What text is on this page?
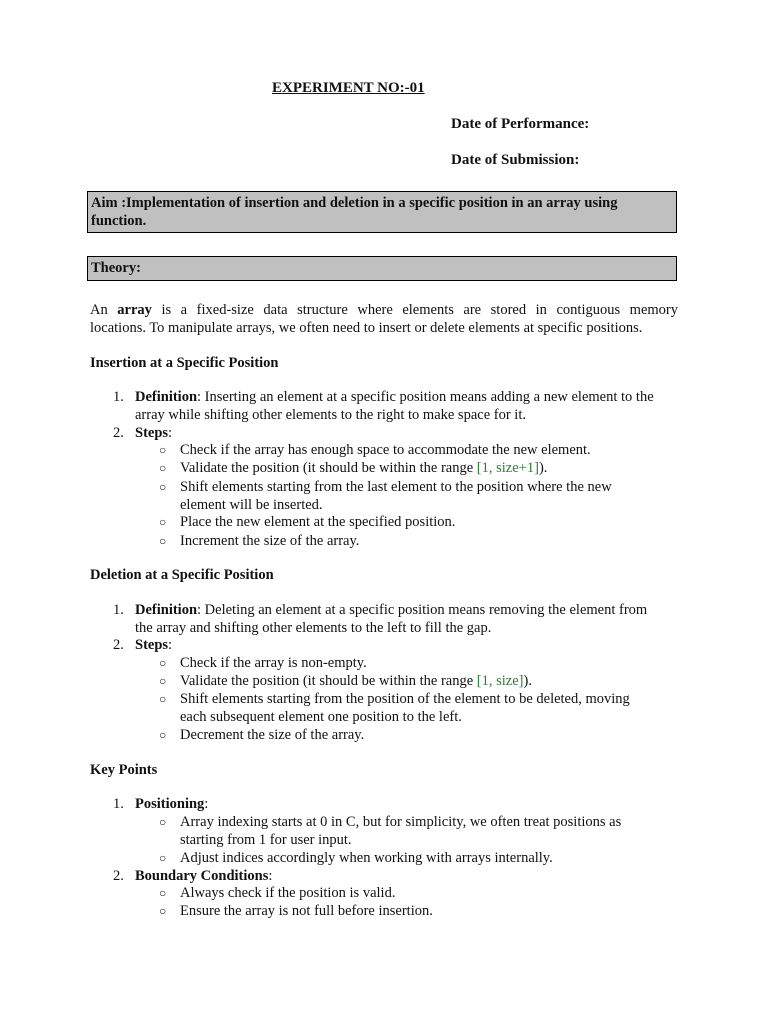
EXPERIMENT NO:-01
Date of Performance:
Date of Submission:
Aim :Implementation of insertion and deletion in a specific position in an array using
function.
Theory:
An array is a fixed-size data structure where elements are stored in contiguous memory
locations. To manipulate arrays, we often need to insert or delete elements at specific positions.
Insertion at a Specific Position
1. Definition: Inserting an element at a specific position means adding a new element to the
array while shifting other elements to the right to make space for it.
2. Steps:
○ Check if the array has enough space to accommodate the new element.
○ Validate the position (it should be within the range [1, size+1]).
○ Shift elements starting from the last element to the position where the new
element will be inserted.
○ Place the new element at the specified position.
○ Increment the size of the array.
Deletion at a Specific Position
1. Definition: Deleting an element at a specific position means removing the element from
the array and shifting other elements to the left to fill the gap.
2. Steps:
○ Check if the array is non-empty.
○ Validate the position (it should be within the range [1, size]).
○ Shift elements starting from the position of the element to be deleted, moving
each subsequent element one position to the left.
○ Decrement the size of the array.
Key Points
1. Positioning:
○ Array indexing starts at 0 in C, but for simplicity, we often treat positions as
starting from 1 for user input.
○ Adjust indices accordingly when working with arrays internally.
2. Boundary Conditions:
○ Always check if the position is valid.
○ Ensure the array is not full before insertion.
